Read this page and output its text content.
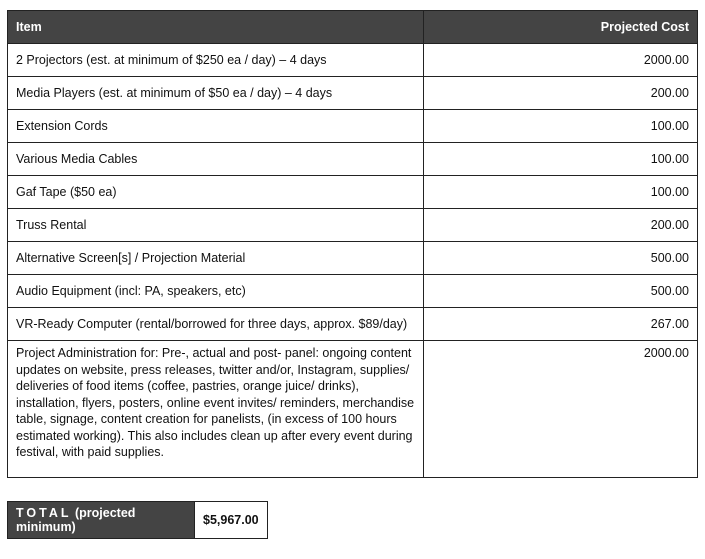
Item	Projected Cost
2 Projectors (est. at minimum of $250 ea / day) – 4 days	2000.00
Media Players (est. at minimum of $50 ea / day) – 4 days	200.00
Extension Cords	100.00
Various Media Cables	100.00
Gaf Tape ($50 ea)	100.00
Truss Rental	200.00
Alternative Screen[s] / Projection Material	500.00
Audio Equipment (incl: PA, speakers, etc)	500.00
VR-Ready Computer (rental/borrowed for three days, approx. $89/day)	267.00
Project Administration for: Pre-, actual and post- panel: ongoing content updates on website, press releases, twitter and/or, Instagram, supplies/ deliveries of food items (coffee, pastries, orange juice/ drinks), installation, flyers, posters, online event invites/ reminders, merchandise table, signage, content creation for panelists, (in excess of 100 hours estimated working). This also includes clean up after every event during festival, with paid supplies.	2000.00
TOTAL (projected minimum)	$5,967.00
